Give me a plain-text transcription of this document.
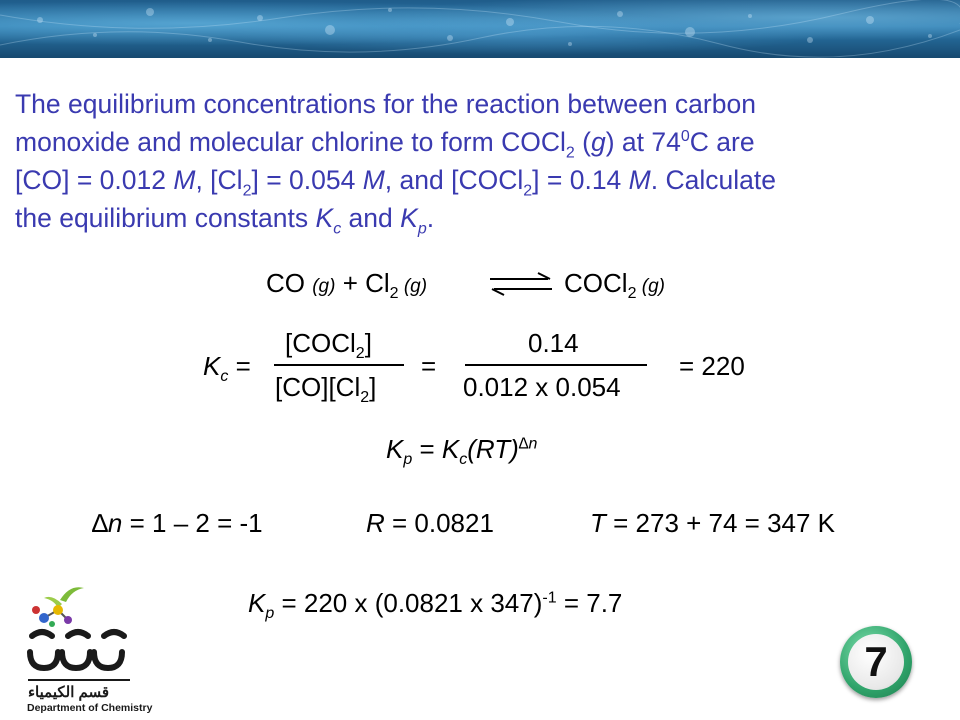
The equilibrium concentrations for the reaction between carbon
monoxide and molecular chlorine to form COCl$_2$ (g) at $74^0C$ are
[CO] = 0.012 M, $[Cl_2] = 0.054$ M, and [COCl$_2$] = 0.14 M. Calculate
the equilibrium constants $K_c$ and $K_p$.
CO $(g) + Cl_2$ (g)	COCl$_2$ (g)
$K_c$ =
[COCl$_2$]
$[CO][Cl_2]$
=
0.14
0.012 x 0.054
= 220
$K_p = K_c(RT)^{\Delta n}$
∆n = 1 – 2 = -1	R = 0.0821	T = 273 + 74 = 347 K
$K_p = 220$ x (0.0821 x 347)$^{-1}$ = 7.7
قسم الكيمياء
Department of Chemistry
7
